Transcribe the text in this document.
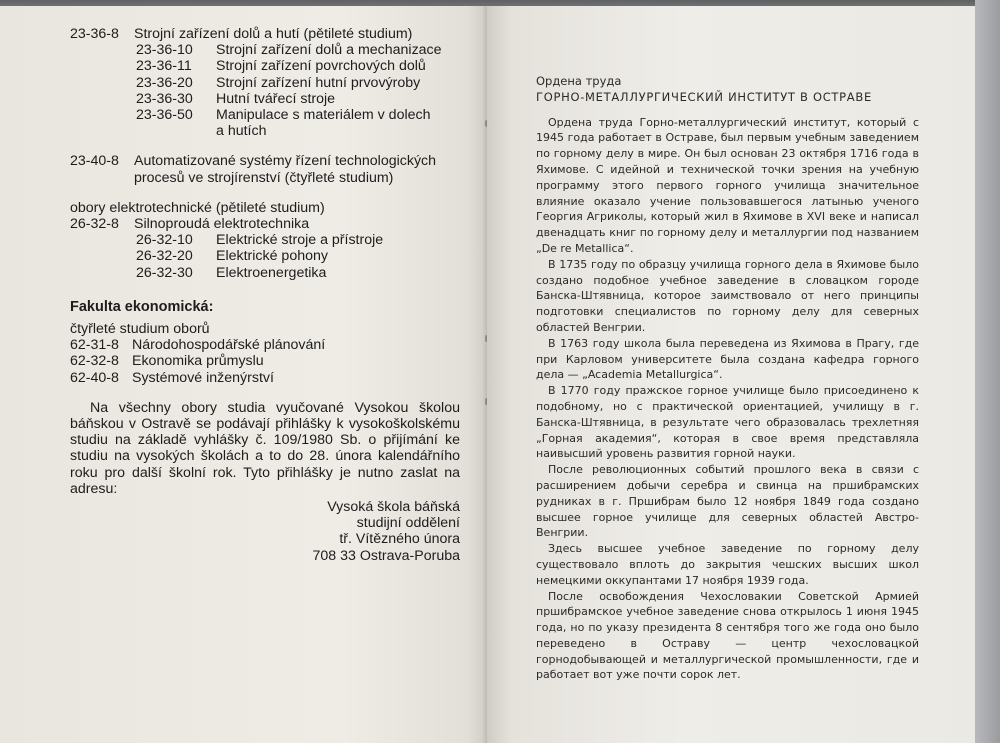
23-36-8	Strojní zařízení dolů a hutí (pětileté studium)
23-36-10 Strojní zařízení dolů a mechanizace
23-36-11 Strojní zařízení povrchových dolů
23-36-20 Strojní zařízení hutní prvovýroby
23-36-30 Hutní tvářecí stroje
23-36-50 Manipulace s materiálem v dolech
a hutích
23-40-8	Automatizované systémy řízení technologických procesů ve strojírenství (čtyřleté studium)
obory elektrotechnické (pětileté studium)
26-32-8 Silnoproudá elektrotechnika
26-32-10 Elektrické stroje a přístroje
26-32-20 Elektrické pohony
26-32-30 Elektroenergetika
Fakulta ekonomická:
čtyřleté studium oborů
62-31-8 Národohospodářské plánování
62-32-8 Ekonomika průmyslu
62-40-8 Systémové inženýrství

Na všechny obory studia vyučované Vysokou školou báňskou v Ostravě se podávají přihlášky k vysokoškolskému studiu na základě vyhlášky č. 109/1980 Sb. o přijímání ke studiu na vysokých školách a to do 28. února kalendářního roku pro další školní rok. Tyto přihlášky je nutno zaslat na adresu:

Vysoká škola báňská
studijní oddělení
tř. Vítězného února
708 33 Ostrava-Poruba
Ордена труда
ГОРНО-МЕТАЛЛУРГИЧЕСКИЙ ИНСТИТУТ В ОСТРАВЕ

Ордена труда Горно-металлургический институт, который с 1945 года работает в Остраве, был первым учебным заведением по горному делу в мире. Он был основан 23 октября 1716 года в Яхимове. С идейной и технической точки зрения на учебную программу этого первого горного училища значительное влияние оказало учение пользовавшегося латынью ученого Георгия Агриколы, который жил в Яхимове в XVI веке и написал двенадцать книг по горному делу и металлургии под названием „De re Metallica“.

В 1735 году по образцу училища горного дела в Яхимове было создано подобное учебное заведение в словацком городе Банска-Штявница, которое заимствовало от него принципы подготовки специалистов по горному делу для северных областей Венгрии.

В 1763 году школа была переведена из Яхимова в Прагу, где при Карловом университете была создана кафедра горного дела — „Academia Metallurgica“.

В 1770 году пражское горное училище было присоединено к подобному, но с практической ориентацией, училищу в г. Банска-Штявница, в результате чего образовалась трехлетняя „Горная академия“, которая в свое время представляла наивысший уровень развития горной науки.

После революционных событий прошлого века в связи с расширением добычи серебра и свинца на пршибрамских рудниках в г. Пршибрам было 12 ноября 1849 года создано высшее горное училище для северных областей Австро-Венгрии.

Здесь высшее учебное заведение по горному делу существовало вплоть до закрытия чешских высших школ немецкими оккупантами 17 ноября 1939 года.

После освобождения Чехословакии Советской Армией пршибрамское учебное заведение снова открылось 1 июня 1945 года, но по указу президента 8 сентября того же года оно было переведено в Остраву — центр чехословацкой горнодобывающей и металлургической промышленности, где и работает вот уже почти сорок лет.
